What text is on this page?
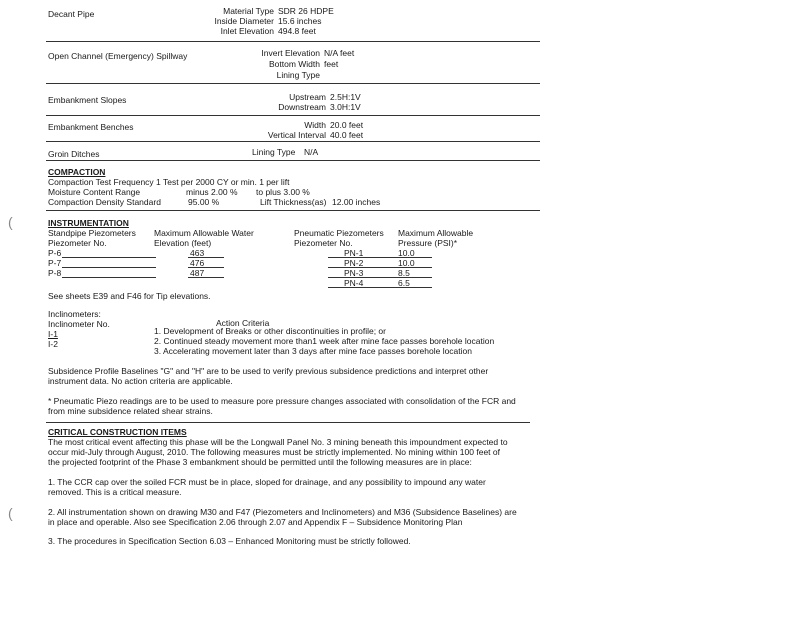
Decant Pipe	Material Type SDR 26 HDPE
Inside Diameter 15.6 inches
Inlet Elevation 494.8 feet
Open Channel (Emergency) Spillway	Invert Elevation N/A feet
Bottom Width feet
Lining Type
Embankment Slopes	Upstream 2.5H:1V
Downstream 3.0H:1V
Embankment Benches	Width 20.0 feet
Vertical Interval 40.0 feet
Groin Ditches	Lining Type N/A
COMPACTION
Compaction Test Frequency 1 Test per 2000 CY or min. 1 per lift
Moisture Content Range	minus 2.00 % to plus 3.00 %
Compaction Density Standard	95.00 %	Lift Thickness(as) 12.00 inches
INSTRUMENTATION
Standpipe Piezometers
Piezometer No.
Maximum Allowable Water
Elevation (feet)
P-6	463
P-7	476
P-8	487
Pneumatic Piezometers
Piezometer No.
Maximum Allowable
Pressure (PSI)*
PN-1	10.0
PN-2	10.0
PN-3	8.5
PN-4	6.5
See sheets E39 and F46 for Tip elevations.
Inclinometers:
Inclinometer No.	Action Criteria
I-1
I-2
1. Development of Breaks or other discontinuities in profile; or
2. Continued steady movement more than1 week after mine face passes borehole location
3. Accelerating movement later than 3 days after mine face passes borehole location
Subsidence Profile Baselines "G" and "H" are to be used to verify previous subsidence predictions and interpret other
instrument data. No action criteria are applicable.
* Pneumatic Piezo readings are to be used to measure pore pressure changes associated with consolidation of the FCR and
from mine subsidence related shear strains.
CRITICAL CONSTRUCTION ITEMS
The most critical event affecting this phase will be the Longwall Panel No. 3 mining beneath this impoundment expected to
occur mid-July through August, 2010. The following measures must be strictly implemented. No mining within 100 feet of
the projected footprint of the Phase 3 embankment should be permitted until the following measures are in place:
1. The CCR cap over the soiled FCR must be in place, sloped for drainage, and any possibility to impound any water
removed. This is a critical measure.
2. All instrumentation shown on drawing M30 and F47 (Piezometers and Inclinometers) and M36 (Subsidence Baselines) are
in place and operable. Also see Specification 2.06 through 2.07 and Appendix F – Subsidence Monitoring Plan
3. The procedures in Specification Section 6.03 – Enhanced Monitoring must be strictly followed.
(
(
